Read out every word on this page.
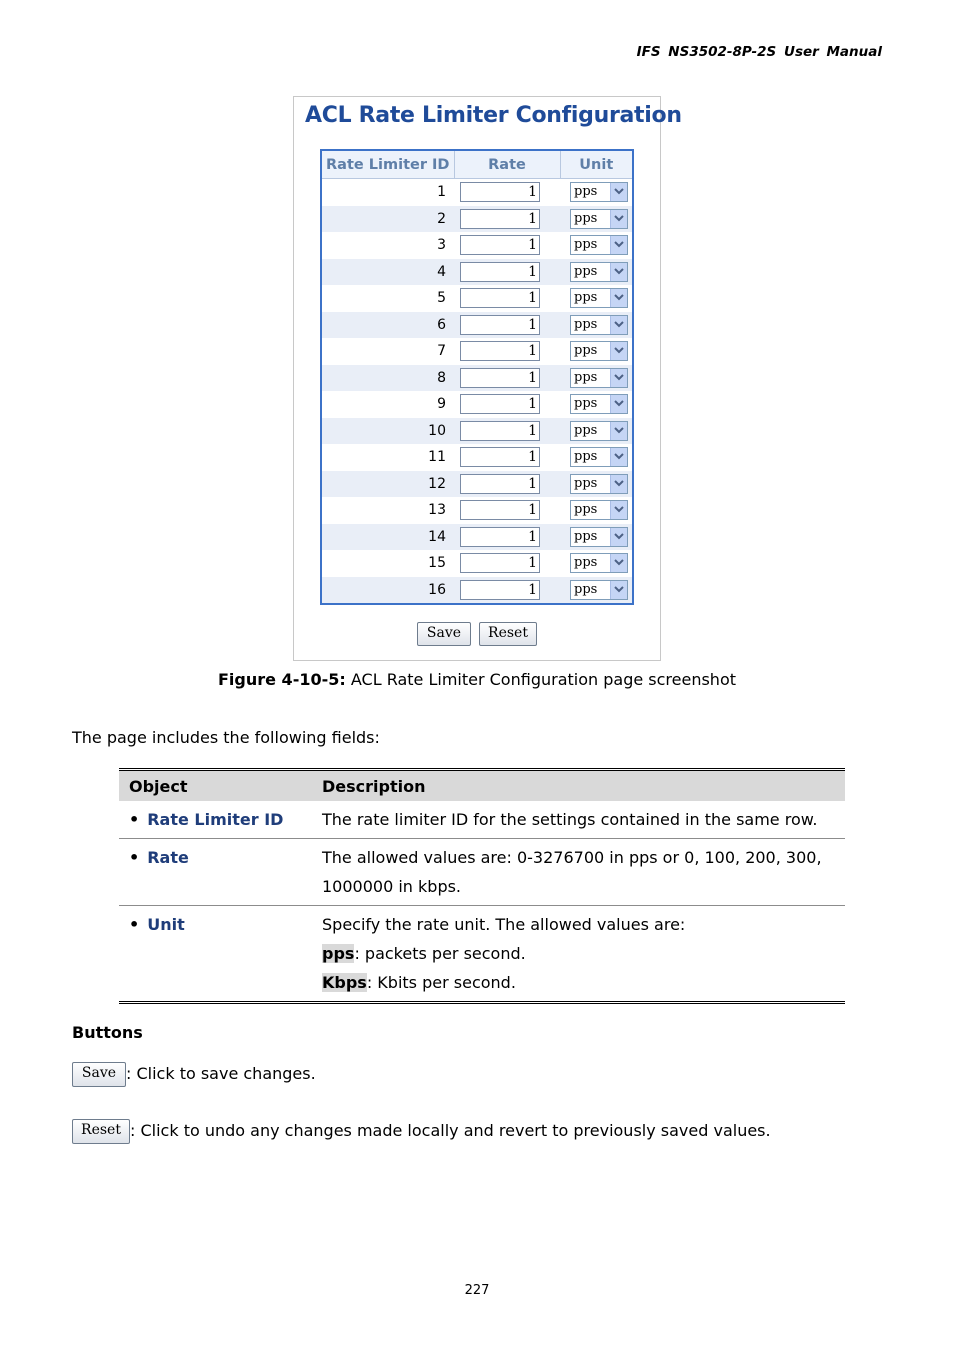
IFS NS3502-8P-2S User Manual
ACL Rate Limiter Configuration
Rate Limiter ID	Rate	Unit
1	1	pps

2	1	pps

3	1	pps

4	1	pps

5	1	pps

6	1	pps

7	1	pps

8	1	pps

9	1	pps

10	1	pps

11	1	pps

12	1	pps

13	1	pps

14	1	pps

15	1	pps

16	1	pps
Save	Reset
Figure 4-10-5: ACL Rate Limiter Configuration page screenshot
The page includes the following fields:
Object	Description
• Rate Limiter ID	The rate limiter ID for the settings contained in the same row.
• Rate	The allowed values are: 0-3276700 in pps or 0, 100, 200, 300,
1000000 in kbps.
• Unit	Specify the rate unit. The allowed values are:
pps: packets per second.
Kbps: Kbits per second.
Buttons
Save : Click to save changes.
Reset : Click to undo any changes made locally and revert to previously saved values.
227
